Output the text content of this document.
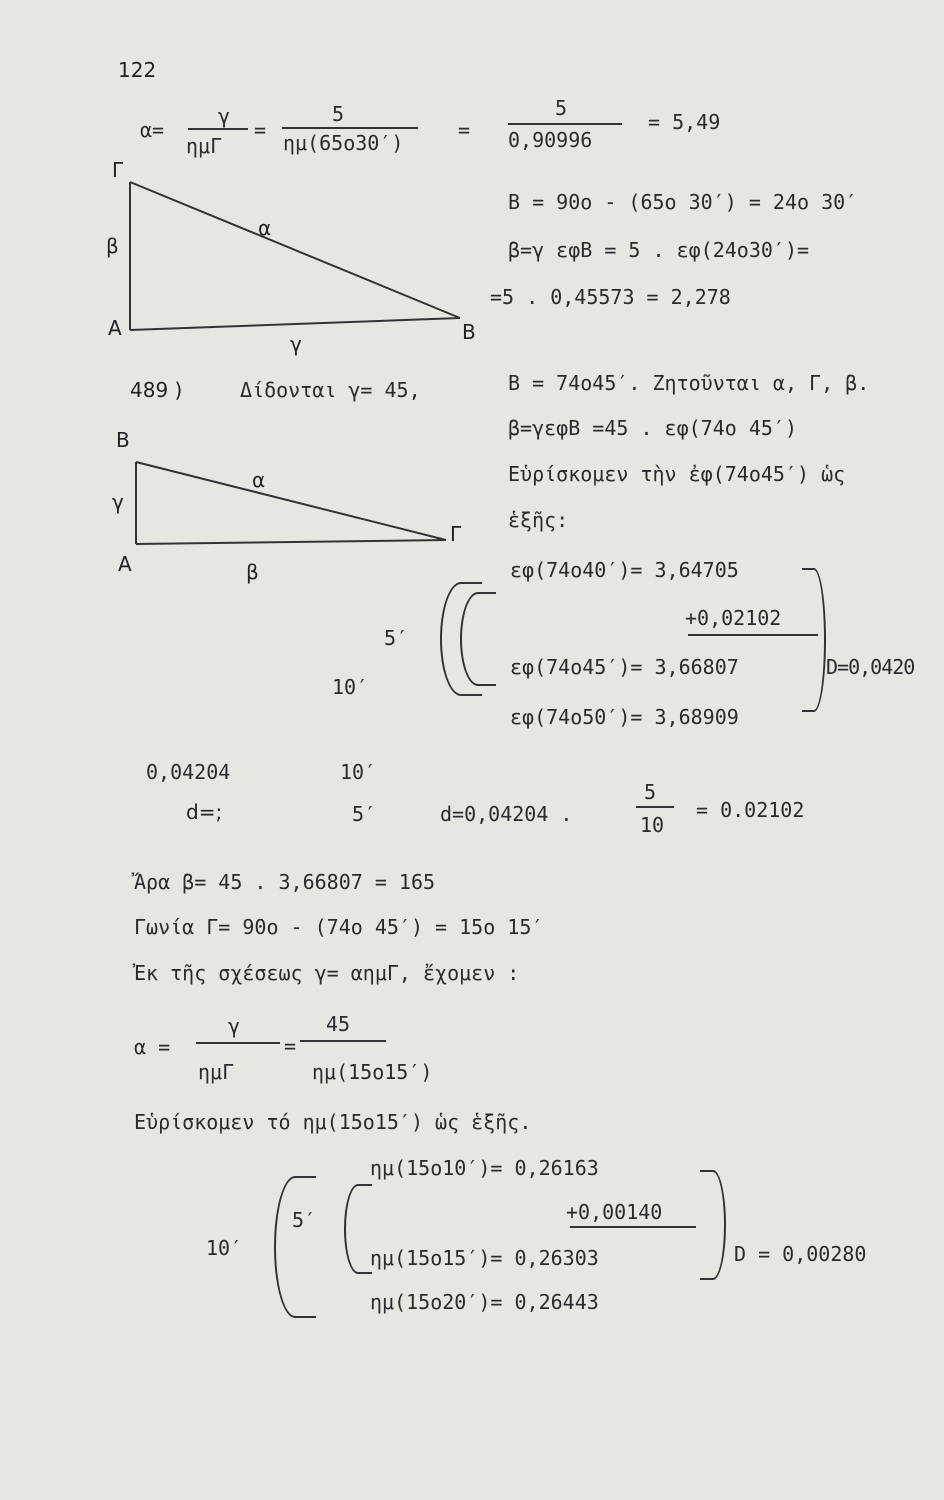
122
α=
γ
ημΓ
=
5
ημ(65ο30′)
=
5
0,90996
= 5,49
Γ
β
α
Α
γ	Β
Β = 90ο - (65ο 30′) = 24ο 30′
β=γ εφΒ = 5 . εφ(24ο30′)=
=5 . 0,45573 = 2,278
489 )	Δίδονται γ= 45,	Β = 74ο45′. Ζητοῦνται α, Γ, β.
Β
γ
α
Α	β
Γ
β=γεφΒ =45 . εφ(74ο 45′)
Εὑρίσκομεν τὴν ἐφ(74ο45′) ὡς
ἑξῆς:
εφ(74ο40′)= 3,64705
+0,02102
εφ(74ο45′)= 3,66807
εφ(74ο50′)= 3,68909
D=0,0420
5′
10′
0,04204	10′
d=;	5′	d=0,04204 .
5
10
= 0.02102
Ἄρα β= 45 . 3,66807 = 165
Γωνία Γ= 90ο - (74ο 45′) = 15ο 15′
Ἐκ τῆς σχέσεως γ= αημΓ, ἔχομεν :
α =
γ
ημΓ
=
45
ημ(15ο15′)
Εὑρίσκομεν τό ημ(15ο15′) ὡς ἑξῆς.
ημ(15ο10′)= 0,26163
+0,00140
ημ(15ο15′)= 0,26303
ημ(15ο20′)= 0,26443
D = 0,00280
5′
10′
